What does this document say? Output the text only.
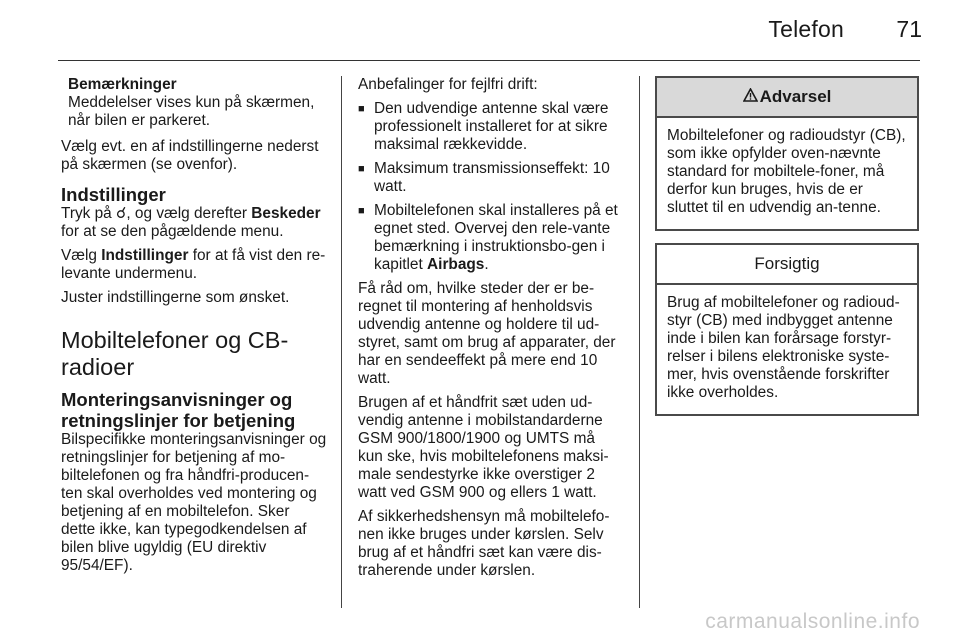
Telefon 71
Bemærkninger
Meddelelser vises kun på skærmen, når bilen er parkeret.

Vælg evt. en af indstillingerne nederst på skærmen (se ovenfor).

Indstillinger

Tryk på ☌, og vælg derefter Beskeder for at se den pågældende menu.

Vælg Indstillinger for at få vist den re-levante undermenu.

Juster indstillingerne som ønsket.

Mobiltelefoner og CB-radioer
Monteringsanvisninger og retningslinjer for betjening

Bilspecifikke monteringsanvisninger og retningslinjer for betjening af mo-biltelefonen og fra håndfri-producen-ten skal overholdes ved montering og betjening af en mobiltelefon. Sker dette ikke, kan typegodkendelsen af bilen blive ugyldig (EU direktiv 95/54/EF).

Anbefalinger for fejlfri drift:

■ Den udvendige antenne skal være professionelt installeret for at sikre maksimal rækkevidde.
■ Maksimum transmissionseffekt: 10 watt.
■ Mobiltelefonen skal installeres på et egnet sted. Overvej den rele-vante bemærkning i instruktionsbo-gen i kapitlet Airbags.

Få råd om, hvilke steder der er be-regnet til montering af henholdsvis udvendig antenne og holdere til ud-styret, samt om brug af apparater, der har en sendeeffekt på mere end 10 watt.

Brugen af et håndfrit sæt uden ud-vendig antenne i mobilstandarderne GSM 900/1800/1900 og UMTS må kun ske, hvis mobiltelefonens maksi-male sendestyrke ikke overstiger 2 watt ved GSM 900 og ellers 1 watt.

Af sikkerhedshensyn må mobiltelefo-nen ikke bruges under kørslen. Selv brug af et håndfri sæt kan være dis-traherende under kørslen.

Advarsel
Mobiltelefoner og radioudstyr (CB), som ikke opfylder oven-nævnte standard for mobiltele-foner, må derfor kun bruges, hvis de er sluttet til en udvendig an-tenne.
Forsigtig
Brug af mobiltelefoner og radioud-styr (CB) med indbygget antenne inde i bilen kan forårsage forstyr-relser i bilens elektroniske syste-mer, hvis ovenstående forskrifter ikke overholdes.
carmanualsonline.info
